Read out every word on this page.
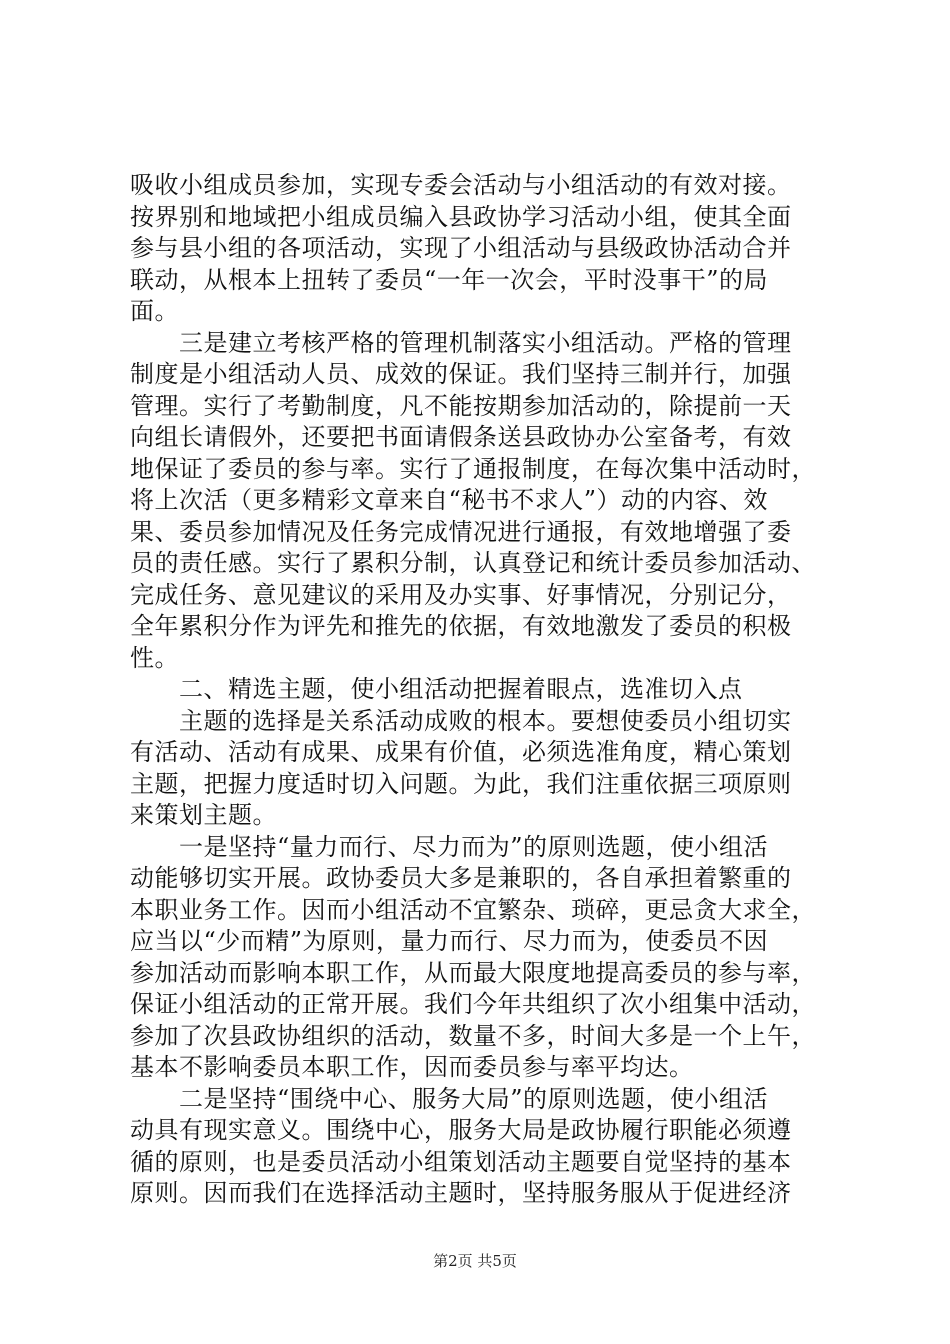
吸收小组成员参加，实现专委会活动与小组活动的有效对接。
按界别和地域把小组成员编入县政协学习活动小组，使其全面
参与县小组的各项活动，实现了小组活动与县级政协活动合并
联动，从根本上扭转了委员“一年一次会，平时没事干”的局
面。
　　三是建立考核严格的管理机制落实小组活动。严格的管理
制度是小组活动人员、成效的保证。我们坚持三制并行，加强
管理。实行了考勤制度，凡不能按期参加活动的，除提前一天
向组长请假外，还要把书面请假条送县政协办公室备考，有效
地保证了委员的参与率。实行了通报制度，在每次集中活动时，
将上次活（更多精彩文章来自“秘书不求人”）动的内容、效
果、委员参加情况及任务完成情况进行通报，有效地增强了委
员的责任感。实行了累积分制，认真登记和统计委员参加活动、
完成任务、意见建议的采用及办实事、好事情况，分别记分，
全年累积分作为评先和推先的依据，有效地激发了委员的积极
性。
　　二、精选主题，使小组活动把握着眼点，选准切入点
　　主题的选择是关系活动成败的根本。要想使委员小组切实
有活动、活动有成果、成果有价值，必须选准角度，精心策划
主题，把握力度适时切入问题。为此，我们注重依据三项原则
来策划主题。
　　一是坚持“量力而行、尽力而为”的原则选题，使小组活
动能够切实开展。政协委员大多是兼职的，各自承担着繁重的
本职业务工作。因而小组活动不宜繁杂、琐碎，更忌贪大求全，
应当以“少而精”为原则，量力而行、尽力而为，使委员不因
参加活动而影响本职工作，从而最大限度地提高委员的参与率，
保证小组活动的正常开展。我们今年共组织了次小组集中活动，
参加了次县政协组织的活动，数量不多，时间大多是一个上午，
基本不影响委员本职工作，因而委员参与率平均达。
　　二是坚持“围绕中心、服务大局”的原则选题，使小组活
动具有现实意义。围绕中心，服务大局是政协履行职能必须遵
循的原则，也是委员活动小组策划活动主题要自觉坚持的基本
原则。因而我们在选择活动主题时，坚持服务服从于促进经济
第2页 共5页
